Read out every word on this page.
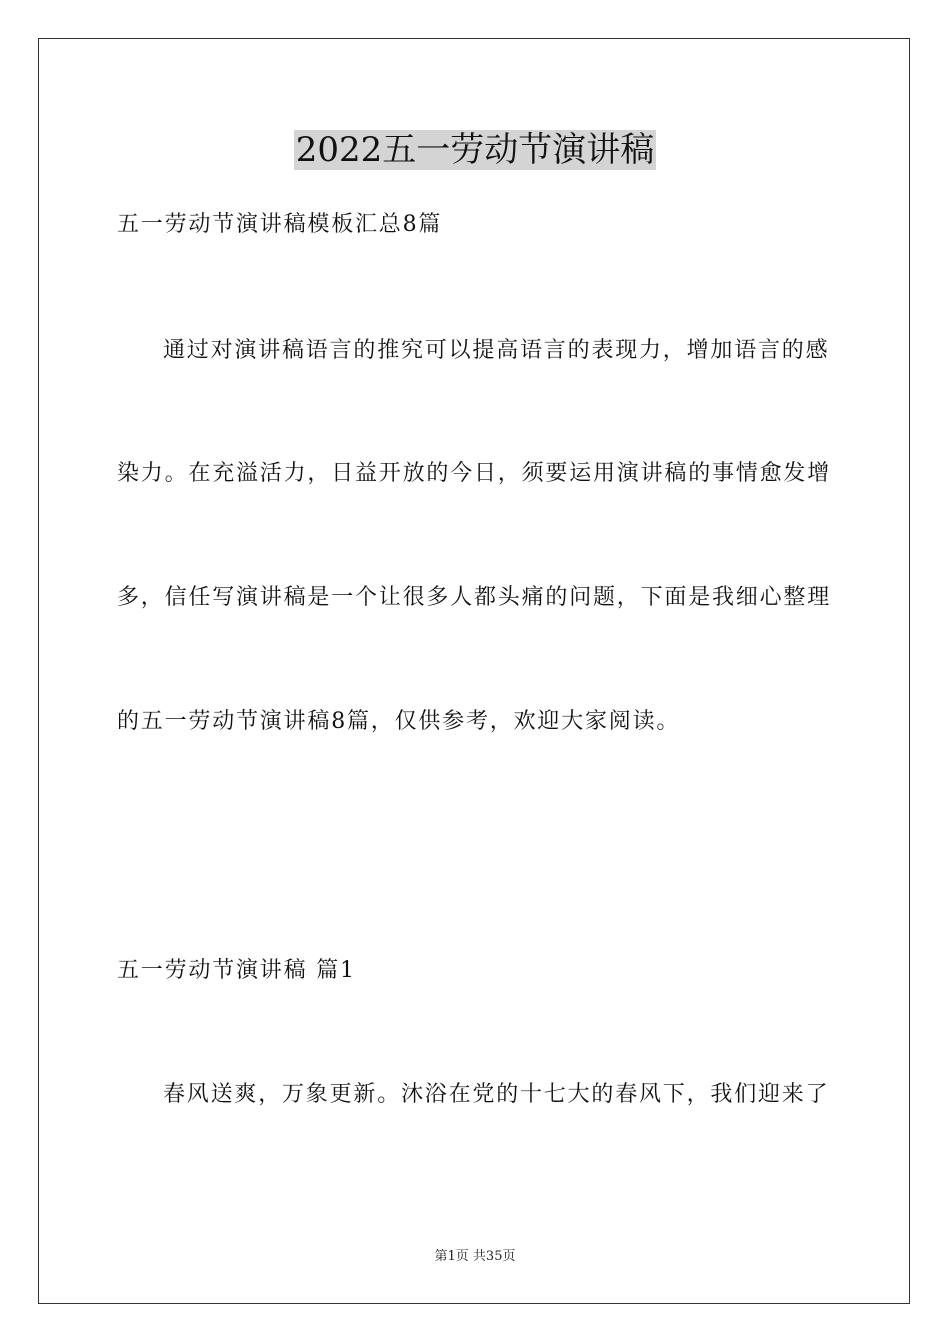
2022五一劳动节演讲稿
五一劳动节演讲稿模板汇总8篇
通过对演讲稿语言的推究可以提高语言的表现力，增加语言的感
染力。在充溢活力，日益开放的今日，须要运用演讲稿的事情愈发增
多，信任写演讲稿是一个让很多人都头痛的问题，下面是我细心整理
的五一劳动节演讲稿8篇，仅供参考，欢迎大家阅读。
五一劳动节演讲稿 篇1
春风送爽，万象更新。沐浴在党的十七大的春风下，我们迎来了
第1页 共35页
